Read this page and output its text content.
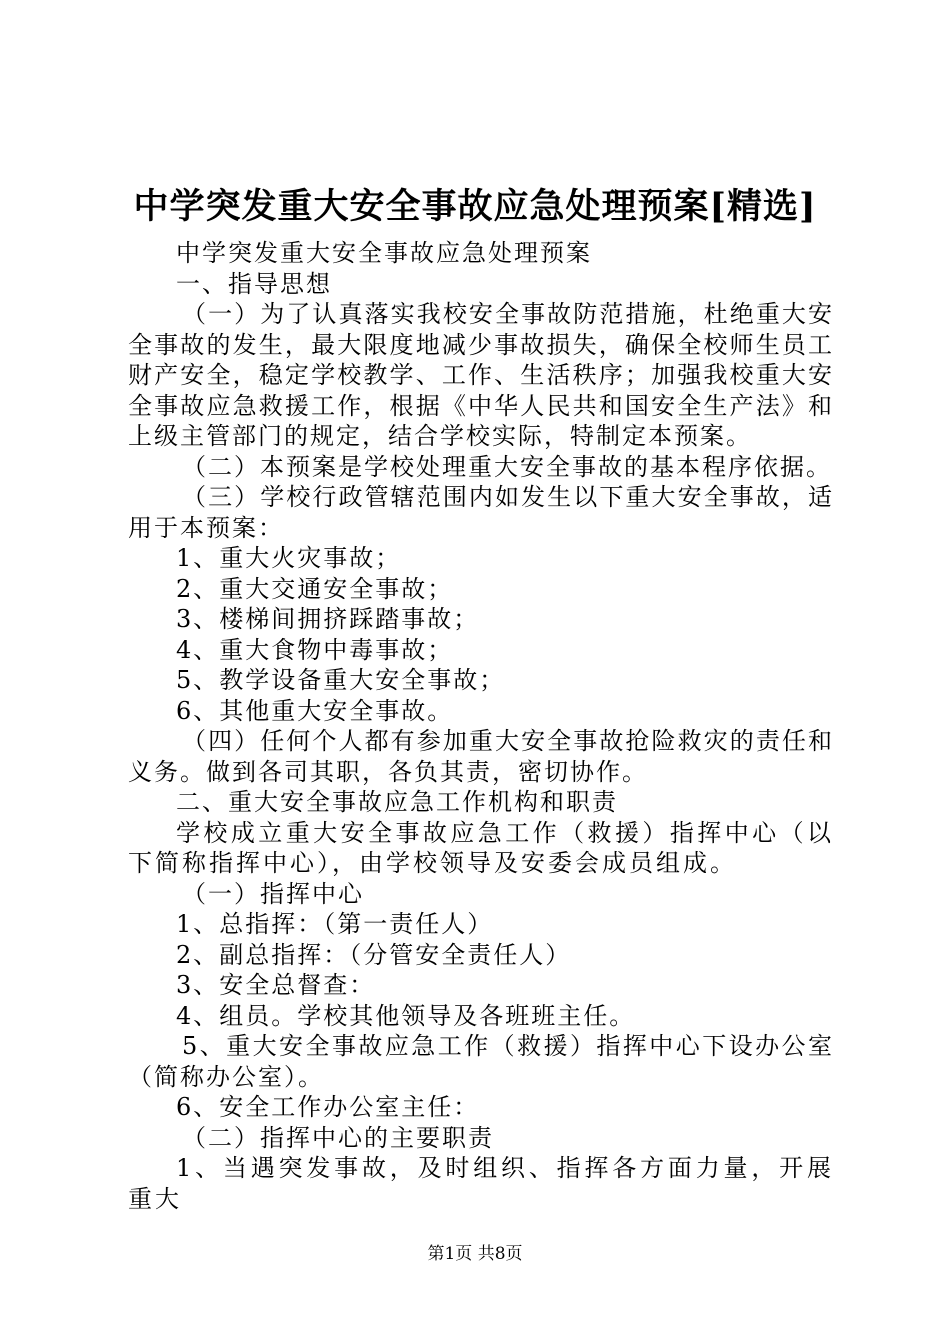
中学突发重大安全事故应急处理预案[精选]

中学突发重大安全事故应急处理预案

一、指导思想

（一）为了认真落实我校安全事故防范措施，杜绝重大安全事故的发生，最大限度地减少事故损失，确保全校师生员工财产安全，稳定学校教学、工作、生活秩序；加强我校重大安全事故应急救援工作，根据《中华人民共和国安全生产法》和上级主管部门的规定，结合学校实际，特制定本预案。

（二）本预案是学校处理重大安全事故的基本程序依据。

（三）学校行政管辖范围内如发生以下重大安全事故，适用于本预案：

1、重大火灾事故；

2、重大交通安全事故；

3、楼梯间拥挤踩踏事故；

4、重大食物中毒事故；

5、教学设备重大安全事故；

6、其他重大安全事故。

（四）任何个人都有参加重大安全事故抢险救灾的责任和义务。做到各司其职，各负其责，密切协作。

二、重大安全事故应急工作机构和职责

学校成立重大安全事故应急工作（救援）指挥中心（以下简称指挥中心），由学校领导及安委会成员组成。

（一）指挥中心

1、总指挥：（第一责任人）

2、副总指挥：（分管安全责任人）

3、安全总督查：

4、组员。学校其他领导及各班班主任。

5、重大安全事故应急工作（救援）指挥中心下设办公室（简称办公室）。

6、安全工作办公室主任：

（二）指挥中心的主要职责

1、当遇突发事故，及时组织、指挥各方面力量，开展重大

第1页 共8页
